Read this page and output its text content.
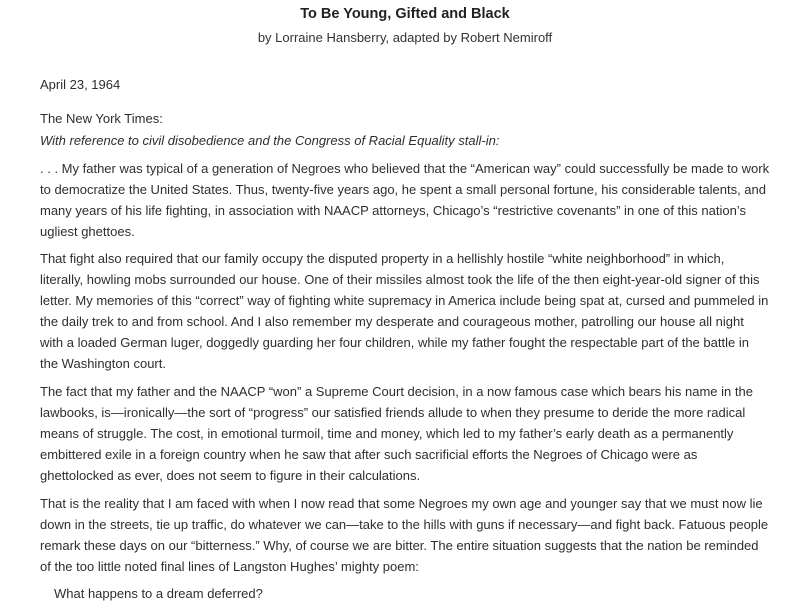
To Be Young, Gifted and Black
by Lorraine Hansberry, adapted by Robert Nemiroff
April 23, 1964
The New York Times:
With reference to civil disobedience and the Congress of Racial Equality stall-in:
. . . My father was typical of a generation of Negroes who believed that the “American way” could successfully be made to work to democratize the United States. Thus, twenty-five years ago, he spent a small personal fortune, his considerable talents, and many years of his life fighting, in association with NAACP attorneys, Chicago’s “restrictive covenants” in one of this nation’s ugliest ghettoes.
That fight also required that our family occupy the disputed property in a hellishly hostile “white neighborhood” in which, literally, howling mobs surrounded our house. One of their missiles almost took the life of the then eight-year-old signer of this letter. My memories of this “correct” way of fighting white supremacy in America include being spat at, cursed and pummeled in the daily trek to and from school. And I also remember my desperate and courageous mother, patrolling our house all night with a loaded German luger, doggedly guarding her four children, while my father fought the respectable part of the battle in the Washington court.
The fact that my father and the NAACP “won” a Supreme Court decision, in a now famous case which bears his name in the lawbooks, is—ironically—the sort of “progress” our satisfied friends allude to when they presume to deride the more radical means of struggle. The cost, in emotional turmoil, time and money, which led to my father’s early death as a permanently embittered exile in a foreign country when he saw that after such sacrificial efforts the Negroes of Chicago were as ghettolocked as ever, does not seem to figure in their calculations.
That is the reality that I am faced with when I now read that some Negroes my own age and younger say that we must now lie down in the streets, tie up traffic, do whatever we can—take to the hills with guns if necessary—and fight back. Fatuous people remark these days on our “bitterness.” Why, of course we are bitter. The entire situation suggests that the nation be reminded of the too little noted final lines of Langston Hughes’ mighty poem:
What happens to a dream deferred?
